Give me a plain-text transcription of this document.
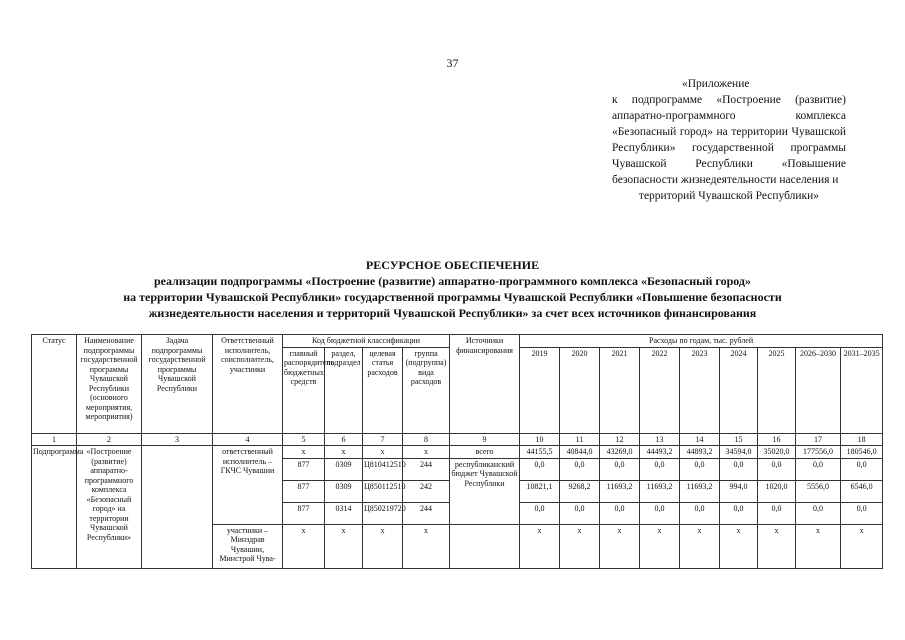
37
«Приложение
к подпрограмме «Построение (развитие) аппаратно-программного комплекса «Безопасный город» на территории Чувашской Республики» государственной программы Чувашской Республики «Повышение безопасности жизнедеятельности населения и
территорий Чувашской Республики»
РЕСУРСНОЕ ОБЕСПЕЧЕНИЕ
реализации подпрограммы «Построение (развитие) аппаратно-программного комплекса «Безопасный город»
на территории Чувашской Республики» государственной программы Чувашской Республики «Повышение безопасности
жизнедеятельности населения и территорий Чувашской Республики» за счет всех источников финансирования
Статус	Наименование подпрограммы государственной программы Чувашской Республики (основного мероприятия, мероприятия)	Задача подпрограммы государственной программы Чувашской Республики	Ответственный исполнитель, соисполнитель, участники	Код бюджетной классификации				Источники финансирования	Расходы по годам, тыс. рублей								
				главный распорядитель бюджетных средств	раздел, подраздел	целевая статья расходов	группа (подгруппа) вида расходов		2019	2020	2021	2022	2023	2024	2025	2026–2030	2031–2035
1	2	3	4	5	6	7	8	9	10	11	12	13	14	15	16	17	18
Подпрограмма	«Построение (развитие) аппаратно-программного комплекса «Безопасный город» на территории Чувашской Республики»		ответственный исполнитель – ГКЧС Чувашии	x	x	x	x	всего	44155,5	40844,0	43269,0	44493,2	44893,2	34594,0	35020,0	177556,0	180546,0
				877	0309	Ц810412510	244	республиканский бюджет Чувашской Республики	0,0	0,0	0,0	0,0	0,0	0,0	0,0	0,0	0,0
				877	0309	Ц850112510	242		10821,1	9268,2	11693,2	11693,2	11693,2	994,0	1020,0	5556,0	6546,0
				877	0314	Ц850219720	244		0,0	0,0	0,0	0,0	0,0	0,0	0,0	0,0	0,0
			участники – Минздрав Чувашии, Минстрой Чува-	x	x	x	x		x	x	x	x	x	x	x	x	x
